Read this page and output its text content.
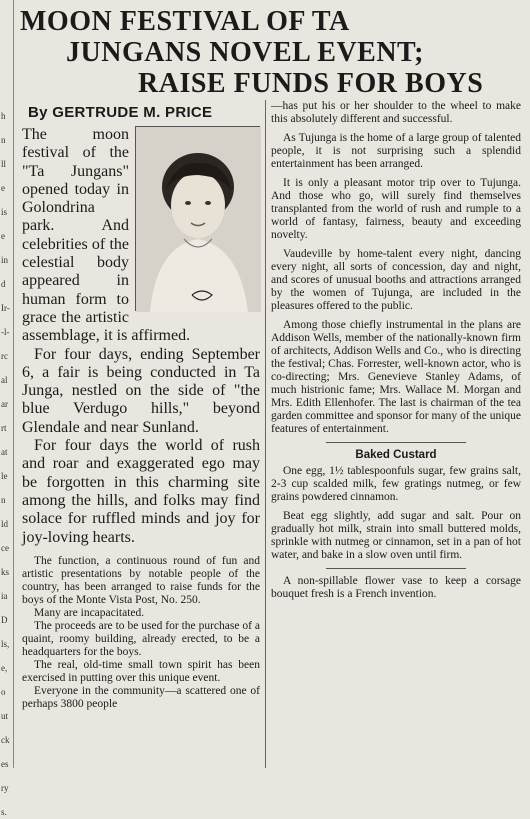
h
n
ll
e
is
e
in
d
Ir-
-l-
rc
al
ar
rt
at
le
n
ld
ce
ks
ia
D
ls,
e,
o
ut
ck
es
ry
s.
MOON FESTIVAL OF TA
JUNGANS NOVEL EVENT;
RAISE FUNDS FOR BOYS
By GERTRUDE M. PRICE

The moon festival of the "Ta Jungans" opened today in Golondrina park. And celebrities of the celestial body appeared in human form to grace the artistic assemblage, it is affirmed.

For four days, ending September 6, a fair is being conducted in Ta Junga, nestled on the side of "the blue Verdugo hills," beyond Glendale and near Sunland.

For four days the world of rush and roar and exaggerated ego may be forgotten in this charming site among the hills, and folks may find solace for ruffled minds and joy for joy-loving hearts.

The function, a continuous round of fun and artistic presentations by notable people of the country, has been arranged to raise funds for the boys of the Monte Vista Post, No. 250.

Many are incapacitated.

The proceeds are to be used for the purchase of a quaint, roomy building, already erected, to be a headquarters for the boys.

The real, old-time small town spirit has been exercised in putting over this unique event.

Everyone in the community—a scattered one of perhaps 3800 people

—has put his or her shoulder to the wheel to make this absolutely different and successful.

As Tujunga is the home of a large group of talented people, it is not surprising such a splendid entertainment has been arranged.

It is only a pleasant motor trip over to Tujunga. And those who go, will surely find themselves transplanted from the world of rush and rumple to a world of fantasy, fairness, beauty and exceeding novelty.

Vaudeville by home-talent every night, dancing every night, all sorts of concession, day and night, and scores of unusual booths and attractions arranged by the women of Tujunga, are included in the pleasures offered to the public.

Among those chiefly instrumental in the plans are Addison Wells, member of the nationally-known firm of architects, Addison Wells and Co., who is directing the festival; Chas. Forrester, well-known actor, who is co-directing; Mrs. Genevieve Stanley Adams, of much histrionic fame; Mrs. Wallace M. Morgan and Mrs. Edith Ellenhofer. The last is chairman of the tea garden committee and sponsor for many of the unique features of entertainment.

Baked Custard

One egg, 1½ tablespoonfuls sugar, few grains salt, 2-3 cup scalded milk, few gratings nutmeg, or few grains powdered cinnamon.

Beat egg slightly, add sugar and salt. Pour on gradually hot milk, strain into small buttered molds, sprinkle with nutmeg or cinnamon, set in a pan of hot water, and bake in a slow oven until firm.

A non-spillable flower vase to keep a corsage bouquet fresh is a French invention.
